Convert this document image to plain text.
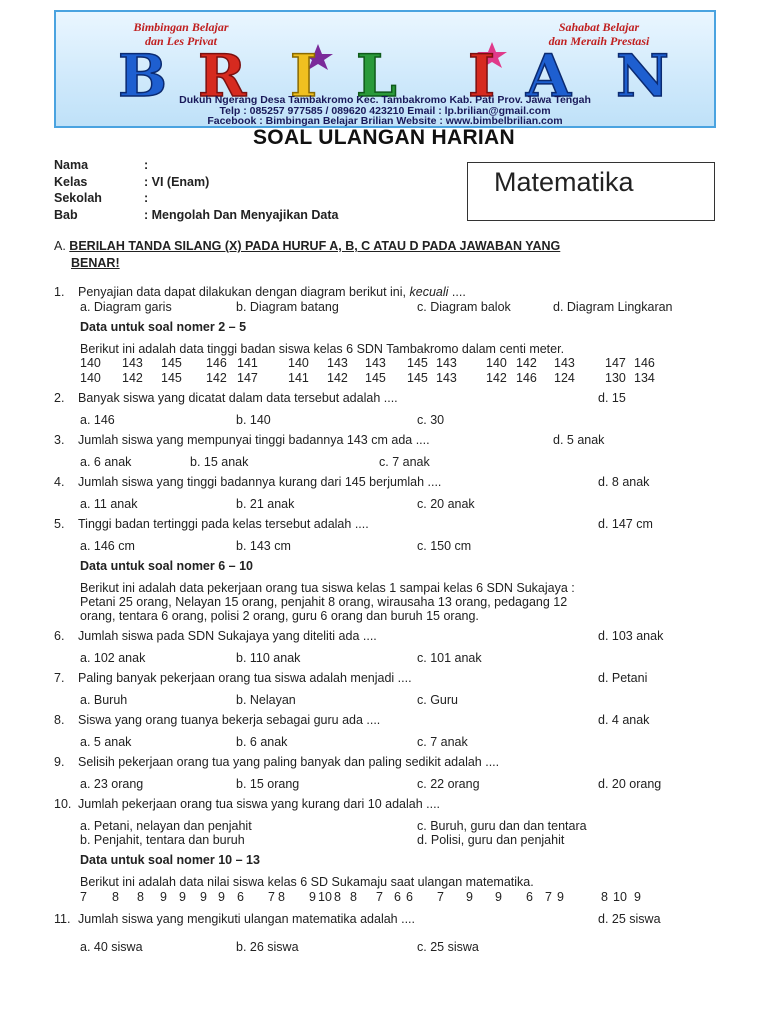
Bimbingan Belajar
dan Les Privat
Sahabat Belajar
dan Meraih Prestasi
B R I L I A N
Dukuh Ngerang Desa Tambakromo Kec. Tambakromo Kab. Pati Prov. Jawa Tengah
Telp : 085257 977585 / 089620 423210 Email : lp.brilian@gmail.com
Facebook : Bimbingan Belajar Brilian Website : www.bimbelbrilian.com
SOAL ULANGAN HARIAN
Nama	:
Kelas	: VI (Enam)
Sekolah	:
Bab	: Mengolah Dan Menyajikan Data
Matematika
A. BERILAH TANDA SILANG (X) PADA HURUF A, B, C ATAU D PADA JAWABAN YANG
BENAR!
1. Penyajian data dapat dilakukan dengan diagram berikut ini, kecuali ....
a. Diagram garis	b. Diagram batang	c. Diagram balok	d. Diagram Lingkaran
Data untuk soal nomer 2 – 5
Berikut ini adalah data tinggi badan siswa kelas 6 SDN Tambakromo dalam centi meter.
140 143 145 146 141 140 143 143 145 143 140 142 143 147 146
140 142 145 142 147 141 142 145 145 143 142 146 124 130 134
2. Banyak siswa yang dicatat dalam data tersebut adalah ....	d. 15
a. 146	b. 140	c. 30
3. Jumlah siswa yang mempunyai tinggi badannya 143 cm ada ....	d. 5 anak
a. 6 anak	b. 15 anak	c. 7 anak
4. Jumlah siswa yang tinggi badannya kurang dari 145 berjumlah ....	d. 8 anak
a. 11 anak	b. 21 anak	c. 20 anak
5. Tinggi badan tertinggi pada kelas tersebut adalah ....	d. 147 cm
a. 146 cm	b. 143 cm	c. 150 cm
Data untuk soal nomer 6 – 10
Berikut ini adalah data pekerjaan orang tua siswa kelas 1 sampai kelas 6 SDN Sukajaya :
Petani 25 orang, Nelayan 15 orang, penjahit 8 orang, wirausaha 13 orang, pedagang 12
orang, tentara 6 orang, polisi 2 orang, guru 6 orang dan buruh 15 orang.
6. Jumlah siswa pada SDN Sukajaya yang diteliti ada ....	d. 103 anak
a. 102 anak	b. 110 anak	c. 101 anak
7. Paling banyak pekerjaan orang tua siswa adalah menjadi ....	d. Petani
a. Buruh	b. Nelayan	c. Guru
8. Siswa yang orang tuanya bekerja sebagai guru ada ....	d. 4 anak
a. 5 anak	b. 6 anak	c. 7 anak
9. Selisih pekerjaan orang tua yang paling banyak dan paling sedikit adalah ....
a. 23 orang	b. 15 orang	c. 22 orang	d. 20 orang
10. Jumlah pekerjaan orang tua siswa yang kurang dari 10 adalah ....
a. Petani, nelayan dan penjahit	c. Buruh, guru dan dan tentara
b. Penjahit, tentara dan buruh	d. Polisi, guru dan penjahit
Data untuk soal nomer 10 – 13
Berikut ini adalah data nilai siswa kelas 6 SD Sukamaju saat ulangan matematika.
7 8 8 9 9 9 9 6 7 8 9 10 8 8 7 6 6 7 9 9 6 7 9	8 10 9
11. Jumlah siswa yang mengikuti ulangan matematika adalah ....	d. 25 siswa
a. 40 siswa	b. 26 siswa	c. 25 siswa
